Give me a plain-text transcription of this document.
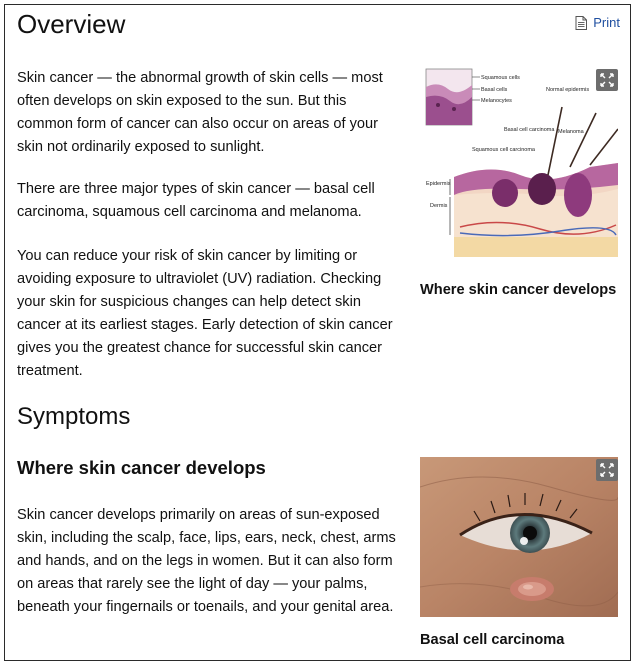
Overview	Print

Skin cancer — the abnormal growth of skin cells — most often develops on skin exposed to the sun. But this common form of cancer can also occur on areas of your skin not ordinarily exposed to sunlight.

There are three major types of skin cancer — basal cell carcinoma, squamous cell carcinoma and melanoma.

You can reduce your risk of skin cancer by limiting or avoiding exposure to ultraviolet (UV) radiation. Checking your skin for suspicious changes can help detect skin cancer at its earliest stages. Early detection of skin cancer gives you the greatest chance for successful skin cancer treatment.

Squamous cells
Basal cells
Melanocytes
Normal epidermis
Basal cell carcinoma Melanoma
Squamous cell carcinoma
Epidermis
Dermis
Where skin cancer develops
Symptoms
Where skin cancer develops

Skin cancer develops primarily on areas of sun-exposed skin, including the scalp, face, lips, ears, neck, chest, arms and hands, and on the legs in women. But it can also form on areas that rarely see the light of day — your palms, beneath your fingernails or toenails, and your genital area.

Basal cell carcinoma
